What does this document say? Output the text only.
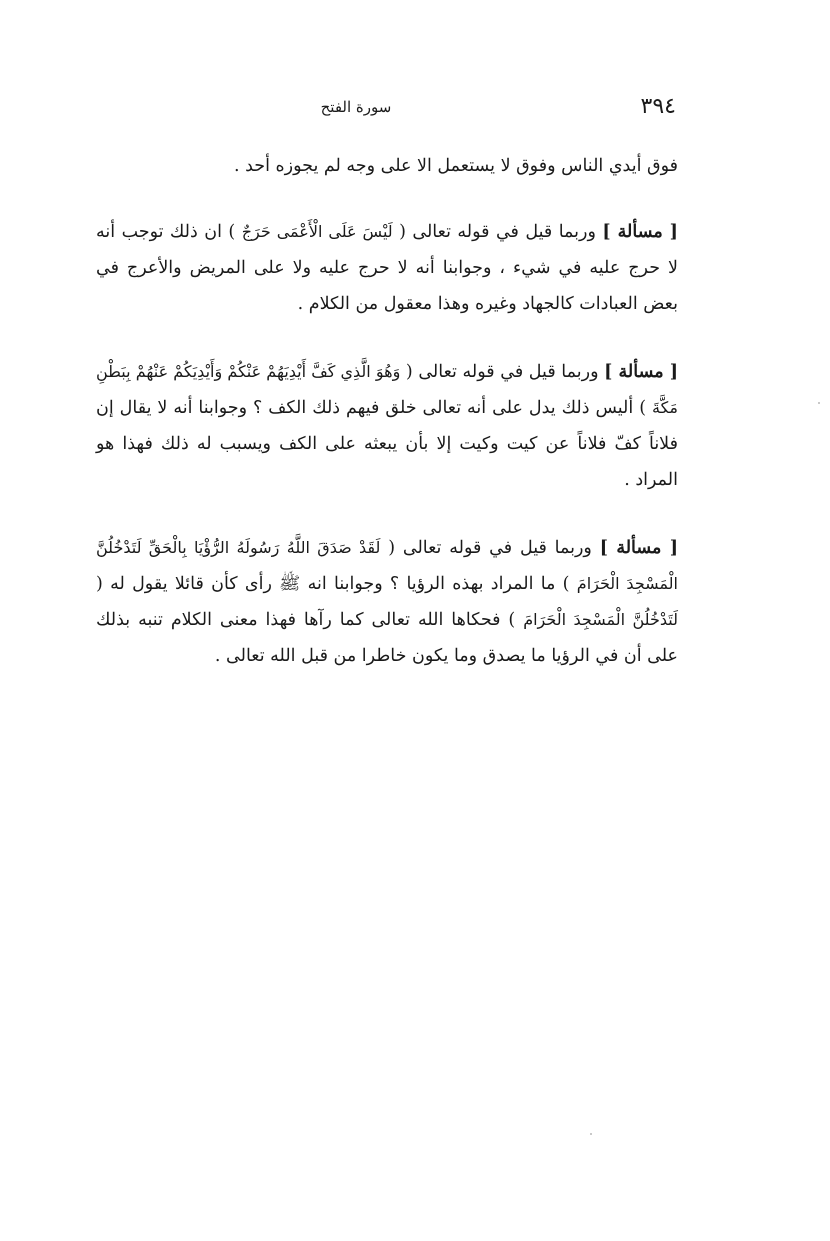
٣٩٤
سورة الفتح

فوق أيدي الناس وفوق لا يستعمل الا على وجه لم يجوزه أحد .

[ مسألة ] وربما قيل في قوله تعالى ( لَيْسَ عَلَى الْأَعْمَى حَرَجٌ ) ان ذلك توجب أنه لا حرج عليه في شيء ، وجوابنا أنه لا حرج عليه ولا على المريض والأعرج في بعض العبادات كالجهاد وغيره وهذا معقول من الكلام .

[ مسألة ] وربما قيل في قوله تعالى ( وَهُوَ الَّذِي كَفَّ أَيْدِيَهُمْ عَنْكُمْ وَأَيْدِيَكُمْ عَنْهُمْ بِبَطْنِ مَكَّةَ ) أليس ذلك يدل على أنه تعالى خلق فيهم ذلك الكف ؟ وجوابنا أنه لا يقال إن فلاناً كفّ فلاناً عن كيت وكيت إلا بأن يبعثه على الكف ويسبب له ذلك فهذا هو المراد .

[ مسألة ] وربما قيل في قوله تعالى ( لَقَدْ صَدَقَ اللَّهُ رَسُولَهُ الرُّؤْيَا بِالْحَقِّ لَتَدْخُلُنَّ الْمَسْجِدَ الْحَرَامَ ) ما المراد بهذه الرؤيا ؟ وجوابنا انه ﷺ رأى كأن قائلا يقول له ( لَتَدْخُلُنَّ الْمَسْجِدَ الْحَرَامَ ) فحكاها الله تعالى كما رآها فهذا معنى الكلام تنبه بذلك على أن في الرؤيا ما يصدق وما يكون خاطرا من قبل الله تعالى .
